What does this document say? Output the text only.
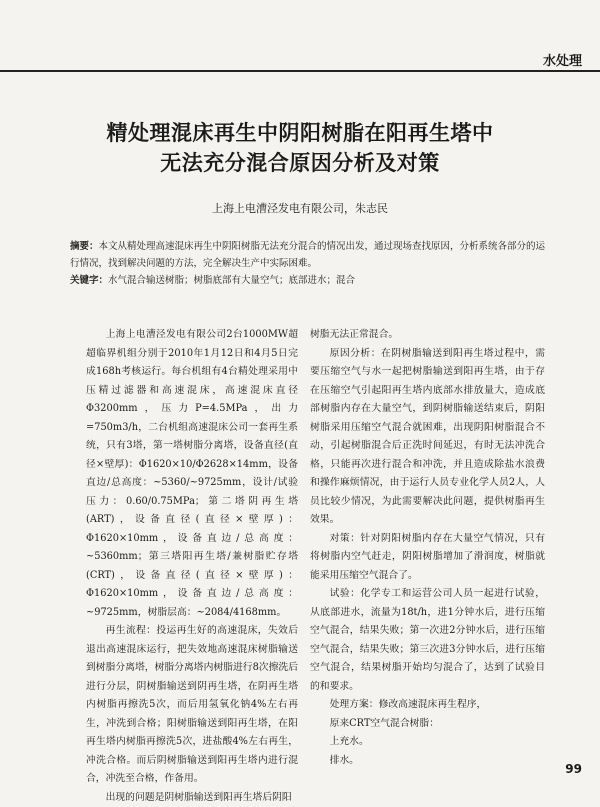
水处理
精处理混床再生中阴阳树脂在阳再生塔中
无法充分混合原因分析及对策
上海上电漕泾发电有限公司，朱志民
摘要：本文从精处理高速混床再生中阴阳树脂无法充分混合的情况出发，通过现场查找原因，分析系统各部分的运行情况，找到解决问题的方法，完全解决生产中实际困难。
关键字：水气混合输送树脂；树脂底部有大量空气；底部进水；混合

上海上电漕泾发电有限公司2台1000MW超超临界机组分别于2010年1月12日和4月5日完成168h考核运行。每台机组有4台精处理采用中压精过滤器和高速混床，高速混床直径Φ3200mm，压力P=4.5MPa，出力=750m3/h，二台机组高速混床公司一套再生系统，只有3塔，第一塔树脂分离塔，设备直径(直径×壁厚)：Φ1620×10/Φ2628×14mm，设备直边/总高度：~5360/~9725mm，设计/试验压力：0.60/0.75MPa；第二塔阴再生塔(ART)，设备直径(直径×壁厚)：Φ1620×10mm，设备直边/总高度：~5360mm；第三塔阳再生塔/兼树脂贮存塔(CRT)，设备直径(直径×壁厚)：Φ1620×10mm，设备直边/总高度：~9725mm，树脂层高：~2084/4168mm。

再生流程：投运再生好的高速混床，失效后退出高速混床运行，把失效地高速混床树脂输送到树脂分离塔，树脂分离塔内树脂进行8次擦洗后进行分层，阴树脂输送到阴再生塔，在阴再生塔内树脂再擦洗5次，而后用氢氧化钠4%左右再生，冲洗到合格；阳树脂输送到阳再生塔，在阳再生塔内树脂再擦洗5次，进盐酸4%左右再生，冲洗合格。而后阴树脂输送到阳再生塔内进行混合，冲洗至合格，作备用。

出现的问题是阴树脂输送到阳再生塔后阴阳

树脂无法正常混合。

原因分析：在阴树脂输送到阳再生塔过程中，需要压缩空气与水一起把树脂输送到阳再生塔，由于存在压缩空气引起阳再生塔内底部水排放量大，造成底部树脂内存在大量空气，到阴树脂输送结束后，阴阳树脂采用压缩空气混合就困难，出现阴阳树脂混合不动，引起树脂混合后正洗时间延迟，有时无法冲洗合格，只能再次进行混合和冲洗，并且造成除盐水浪费和操作麻烦情况，由于运行人员专业化学人员2人，人员比较少情况，为此需要解决此问题，提供树脂再生效果。

对策：针对阴阳树脂内存在大量空气情况，只有将树脂内空气赶走，阴阳树脂增加了滑润度，树脂就能采用压缩空气混合了。

试验：化学专工和运营公司人员一起进行试验，从底部进水，流量为18t/h，进1分钟水后，进行压缩空气混合，结果失败；第一次进2分钟水后，进行压缩空气混合，结果失败；第三次进3分钟水后，进行压缩空气混合，结果树脂开始均匀混合了，达到了试验目的和要求。

处理方案：修改高速混床再生程序，

原来CRT空气混合树脂：

上充水。

排水。

99
